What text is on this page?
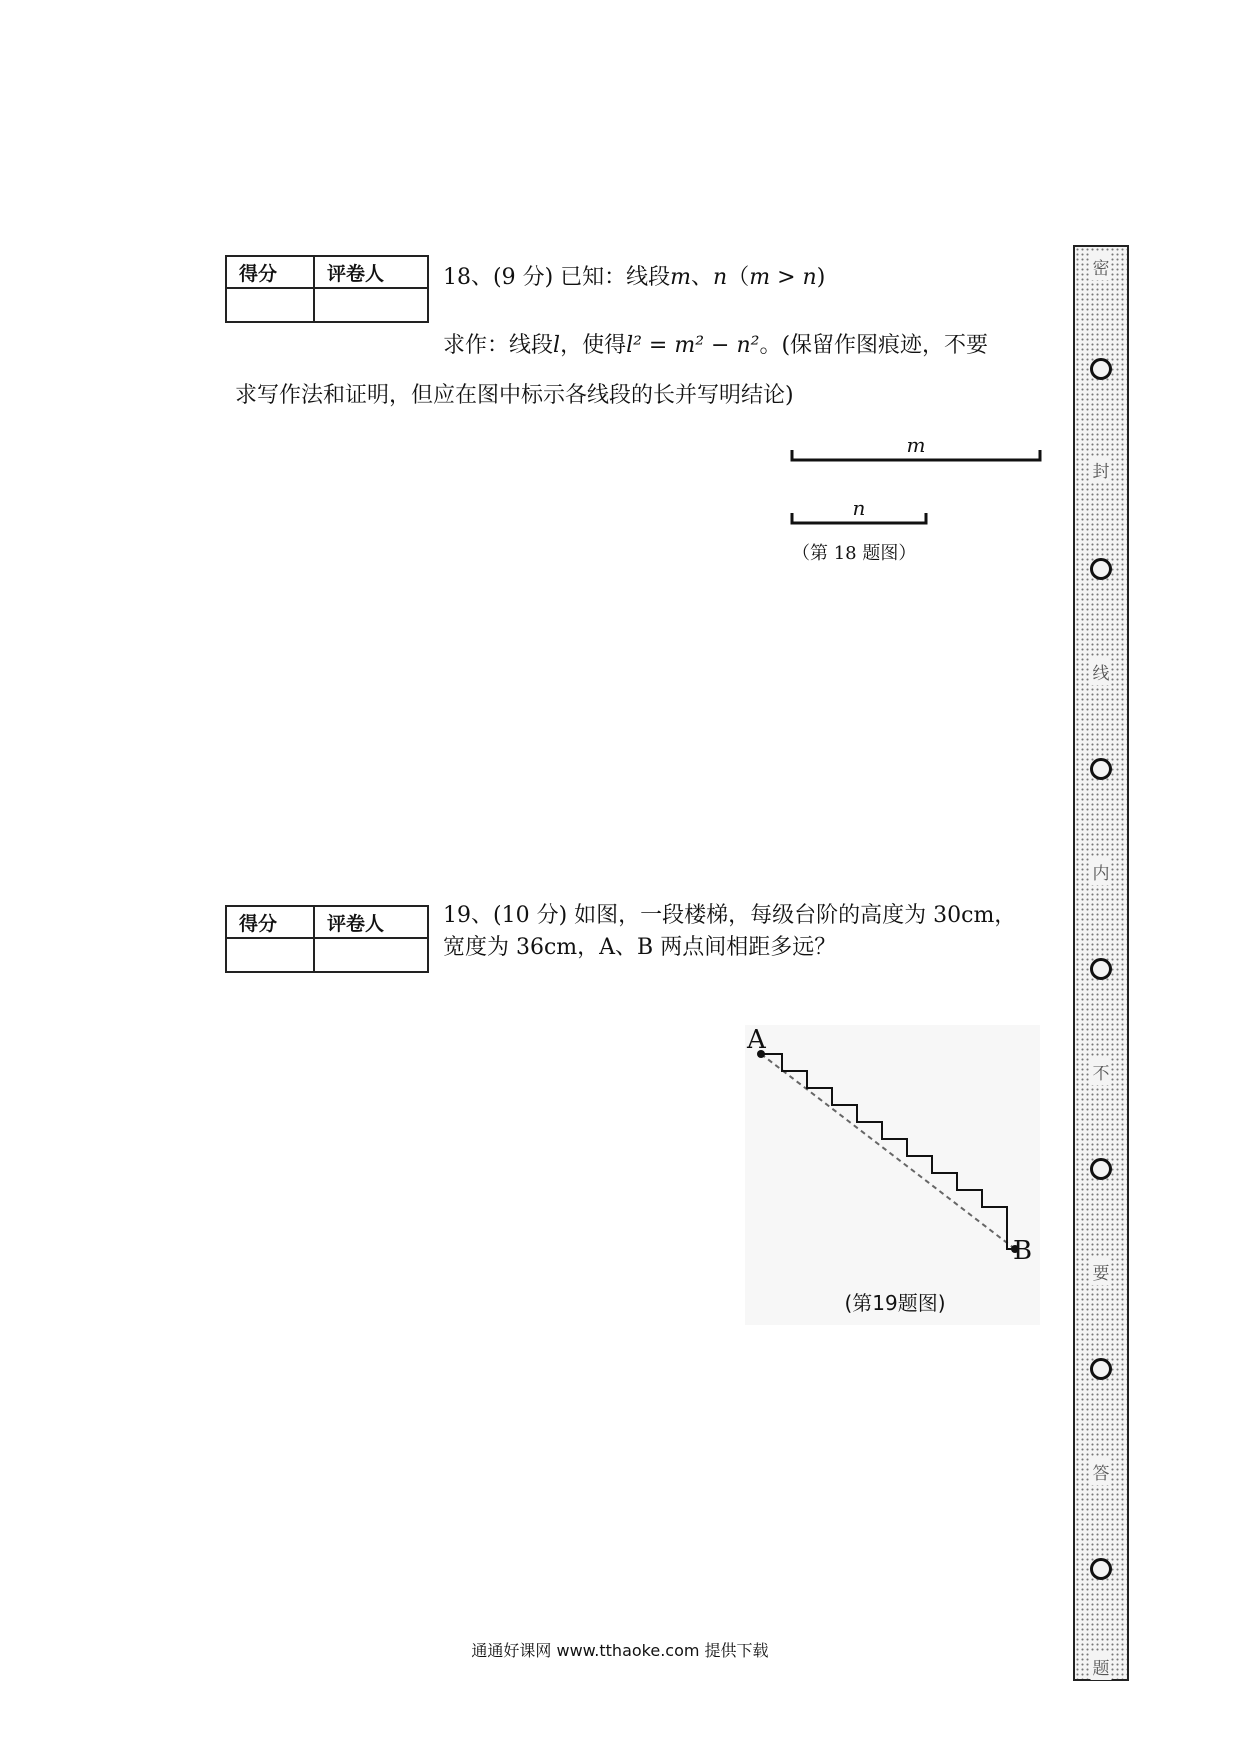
得分	评卷人
		18、(9 分) 已知：线段m、n（m > n)
求作：线段l，使得l² = m² − n²。(保留作图痕迹，不要
求写作法和证明，但应在图中标示各线段的长并写明结论)
m
n
（第 18 题图）
得分	评卷人
		19、(10 分) 如图，一段楼梯，每级台阶的高度为 30cm，
宽度为 36cm，A、B 两点间相距多远？
A
B
(第19题图)
通通好课网 www.tthaoke.com 提供下载
密
封
线
内
不
要
答
题
